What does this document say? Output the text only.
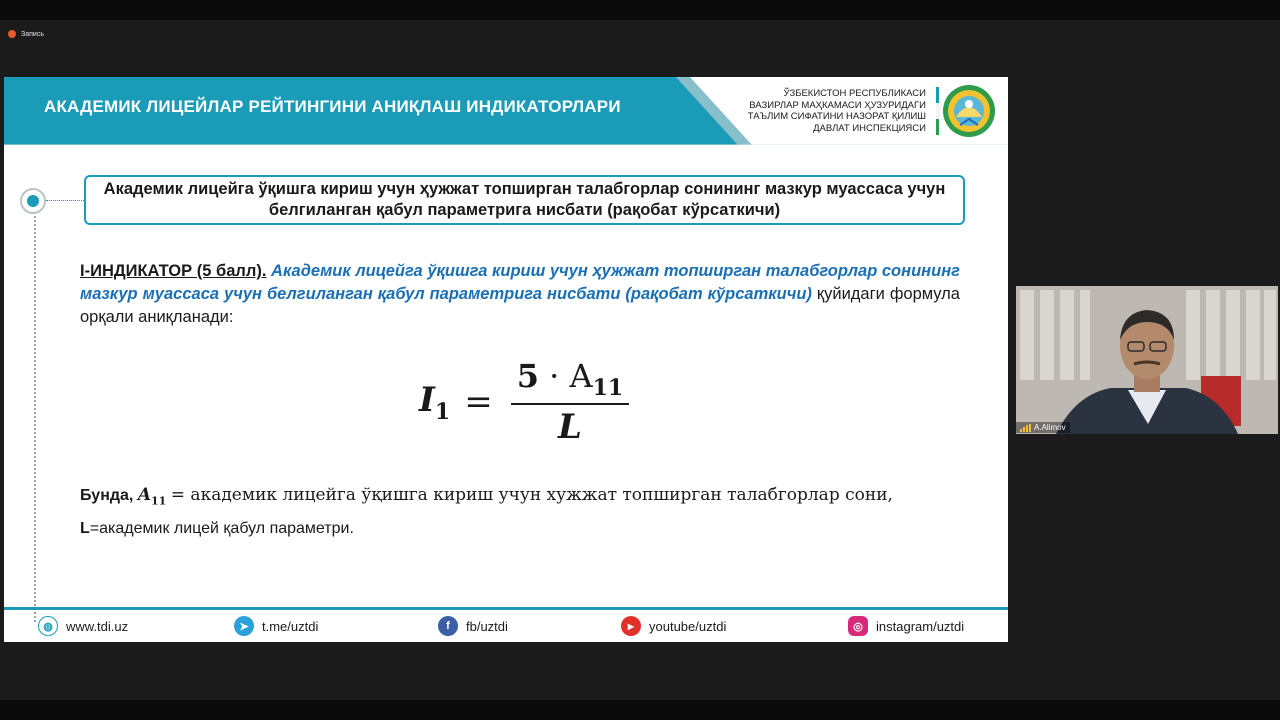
Запись
АКАДЕМИК ЛИЦЕЙЛАР РЕЙТИНГИНИ АНИҚЛАШ ИНДИКАТОРЛАРИ
ЎЗБЕКИСТОН РЕСПУБЛИКАСИ
ВАЗИРЛАР МАҲКАМАСИ ҲУЗУРИДАГИ
ТАЪЛИМ СИФАТИНИ НАЗОРАТ ҚИЛИШ
ДАВЛАТ ИНСПЕКЦИЯСИ
Академик лицейга ўқишга кириш учун ҳужжат топширган талабгорлар сонининг мазкур муассаса учун белгиланган қабул параметрига нисбати (рақобат кўрсаткичи)
I-ИНДИКАТОР (5 балл). Академик лицейга ўқишга кириш учун ҳужжат топширган талабгорлар сонининг мазкур муассаса учун белгиланган қабул параметрига нисбати (рақобат кўрсаткичи) қуйидаги формула орқали аниқланади:
$I_1 = \frac{5 \cdot A_{11}}{L}$
Бунда, $A_{11}$ = академик лицейга ўқишга кириш учун хужжат топширган талабгорлар сони,
L=академик лицей қабул параметри.
◍	www.tdi.uz	➤	t.me/uztdi	f	fb/uztdi	▶	youtube/uztdi	◎	instagram/uztdi
A.Alimov
